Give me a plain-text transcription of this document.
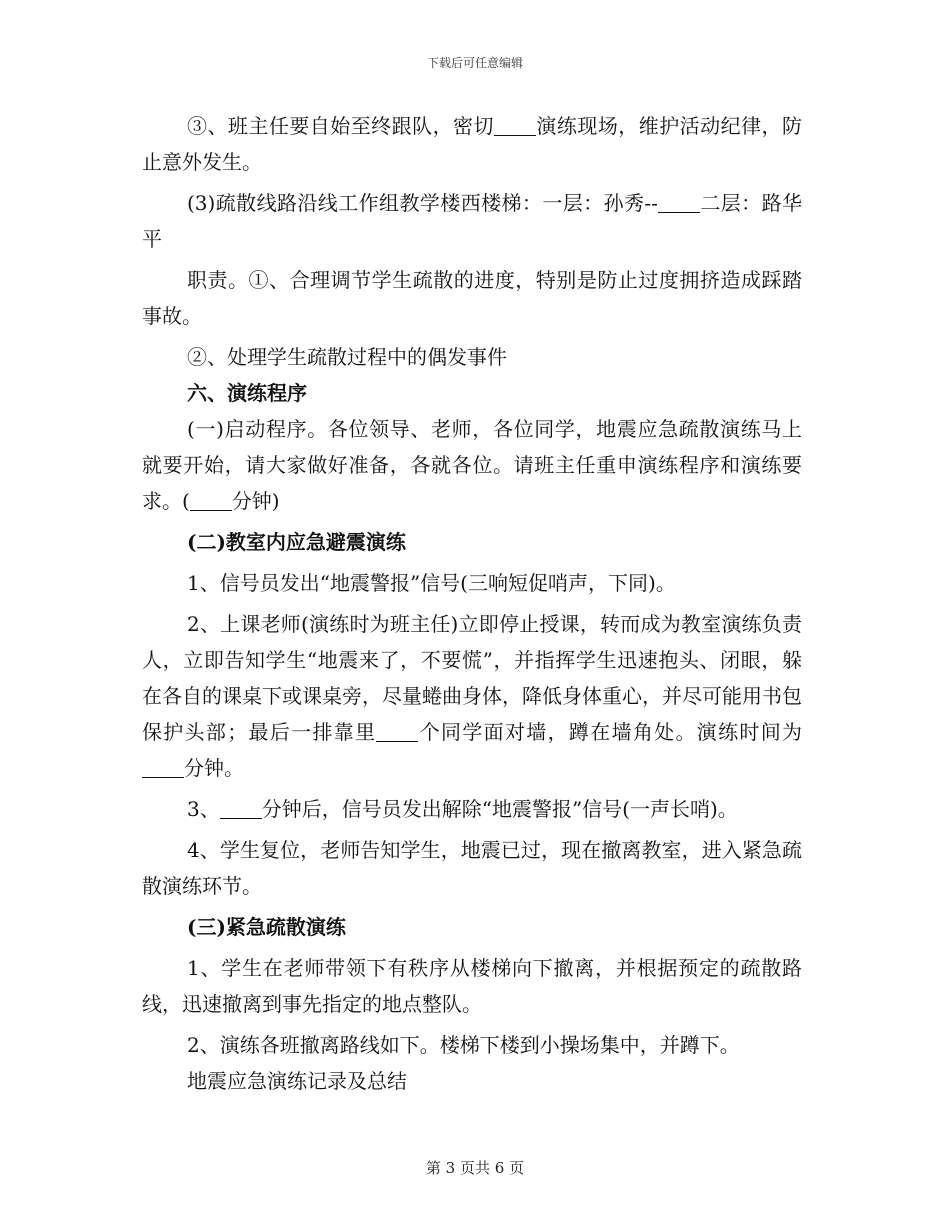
下载后可任意编辑

③、班主任要自始至终跟队，密切 演练现场，维护活动纪律，防止意外发生。

(3)疏散线路沿线工作组教学楼西楼梯：一层：孙秀-- 二层：路华平

职责。①、合理调节学生疏散的进度，特别是防止过度拥挤造成踩踏事故。

②、处理学生疏散过程中的偶发事件

六、演练程序

(一)启动程序。各位领导、老师，各位同学，地震应急疏散演练马上就要开始，请大家做好准备，各就各位。请班主任重申演练程序和演练要求。( 分钟)

(二)教室内应急避震演练

1、信号员发出“地震警报”信号(三响短促哨声，下同)。

2、上课老师(演练时为班主任)立即停止授课，转而成为教室演练负责人，立即告知学生“地震来了，不要慌”，并指挥学生迅速抱头、闭眼，躲在各自的课桌下或课桌旁，尽量蜷曲身体，降低身体重心，并尽可能用书包保护头部；最后一排靠里 个同学面对墙，蹲在墙角处。演练时间为分钟。

3、 分钟后，信号员发出解除“地震警报”信号(一声长哨)。

4、学生复位，老师告知学生，地震已过，现在撤离教室，进入紧急疏散演练环节。

(三)紧急疏散演练

1、学生在老师带领下有秩序从楼梯向下撤离，并根据预定的疏散路线，迅速撤离到事先指定的地点整队。

2、演练各班撤离路线如下。楼梯下楼到小操场集中，并蹲下。

地震应急演练记录及总结

第 3 页共 6 页
